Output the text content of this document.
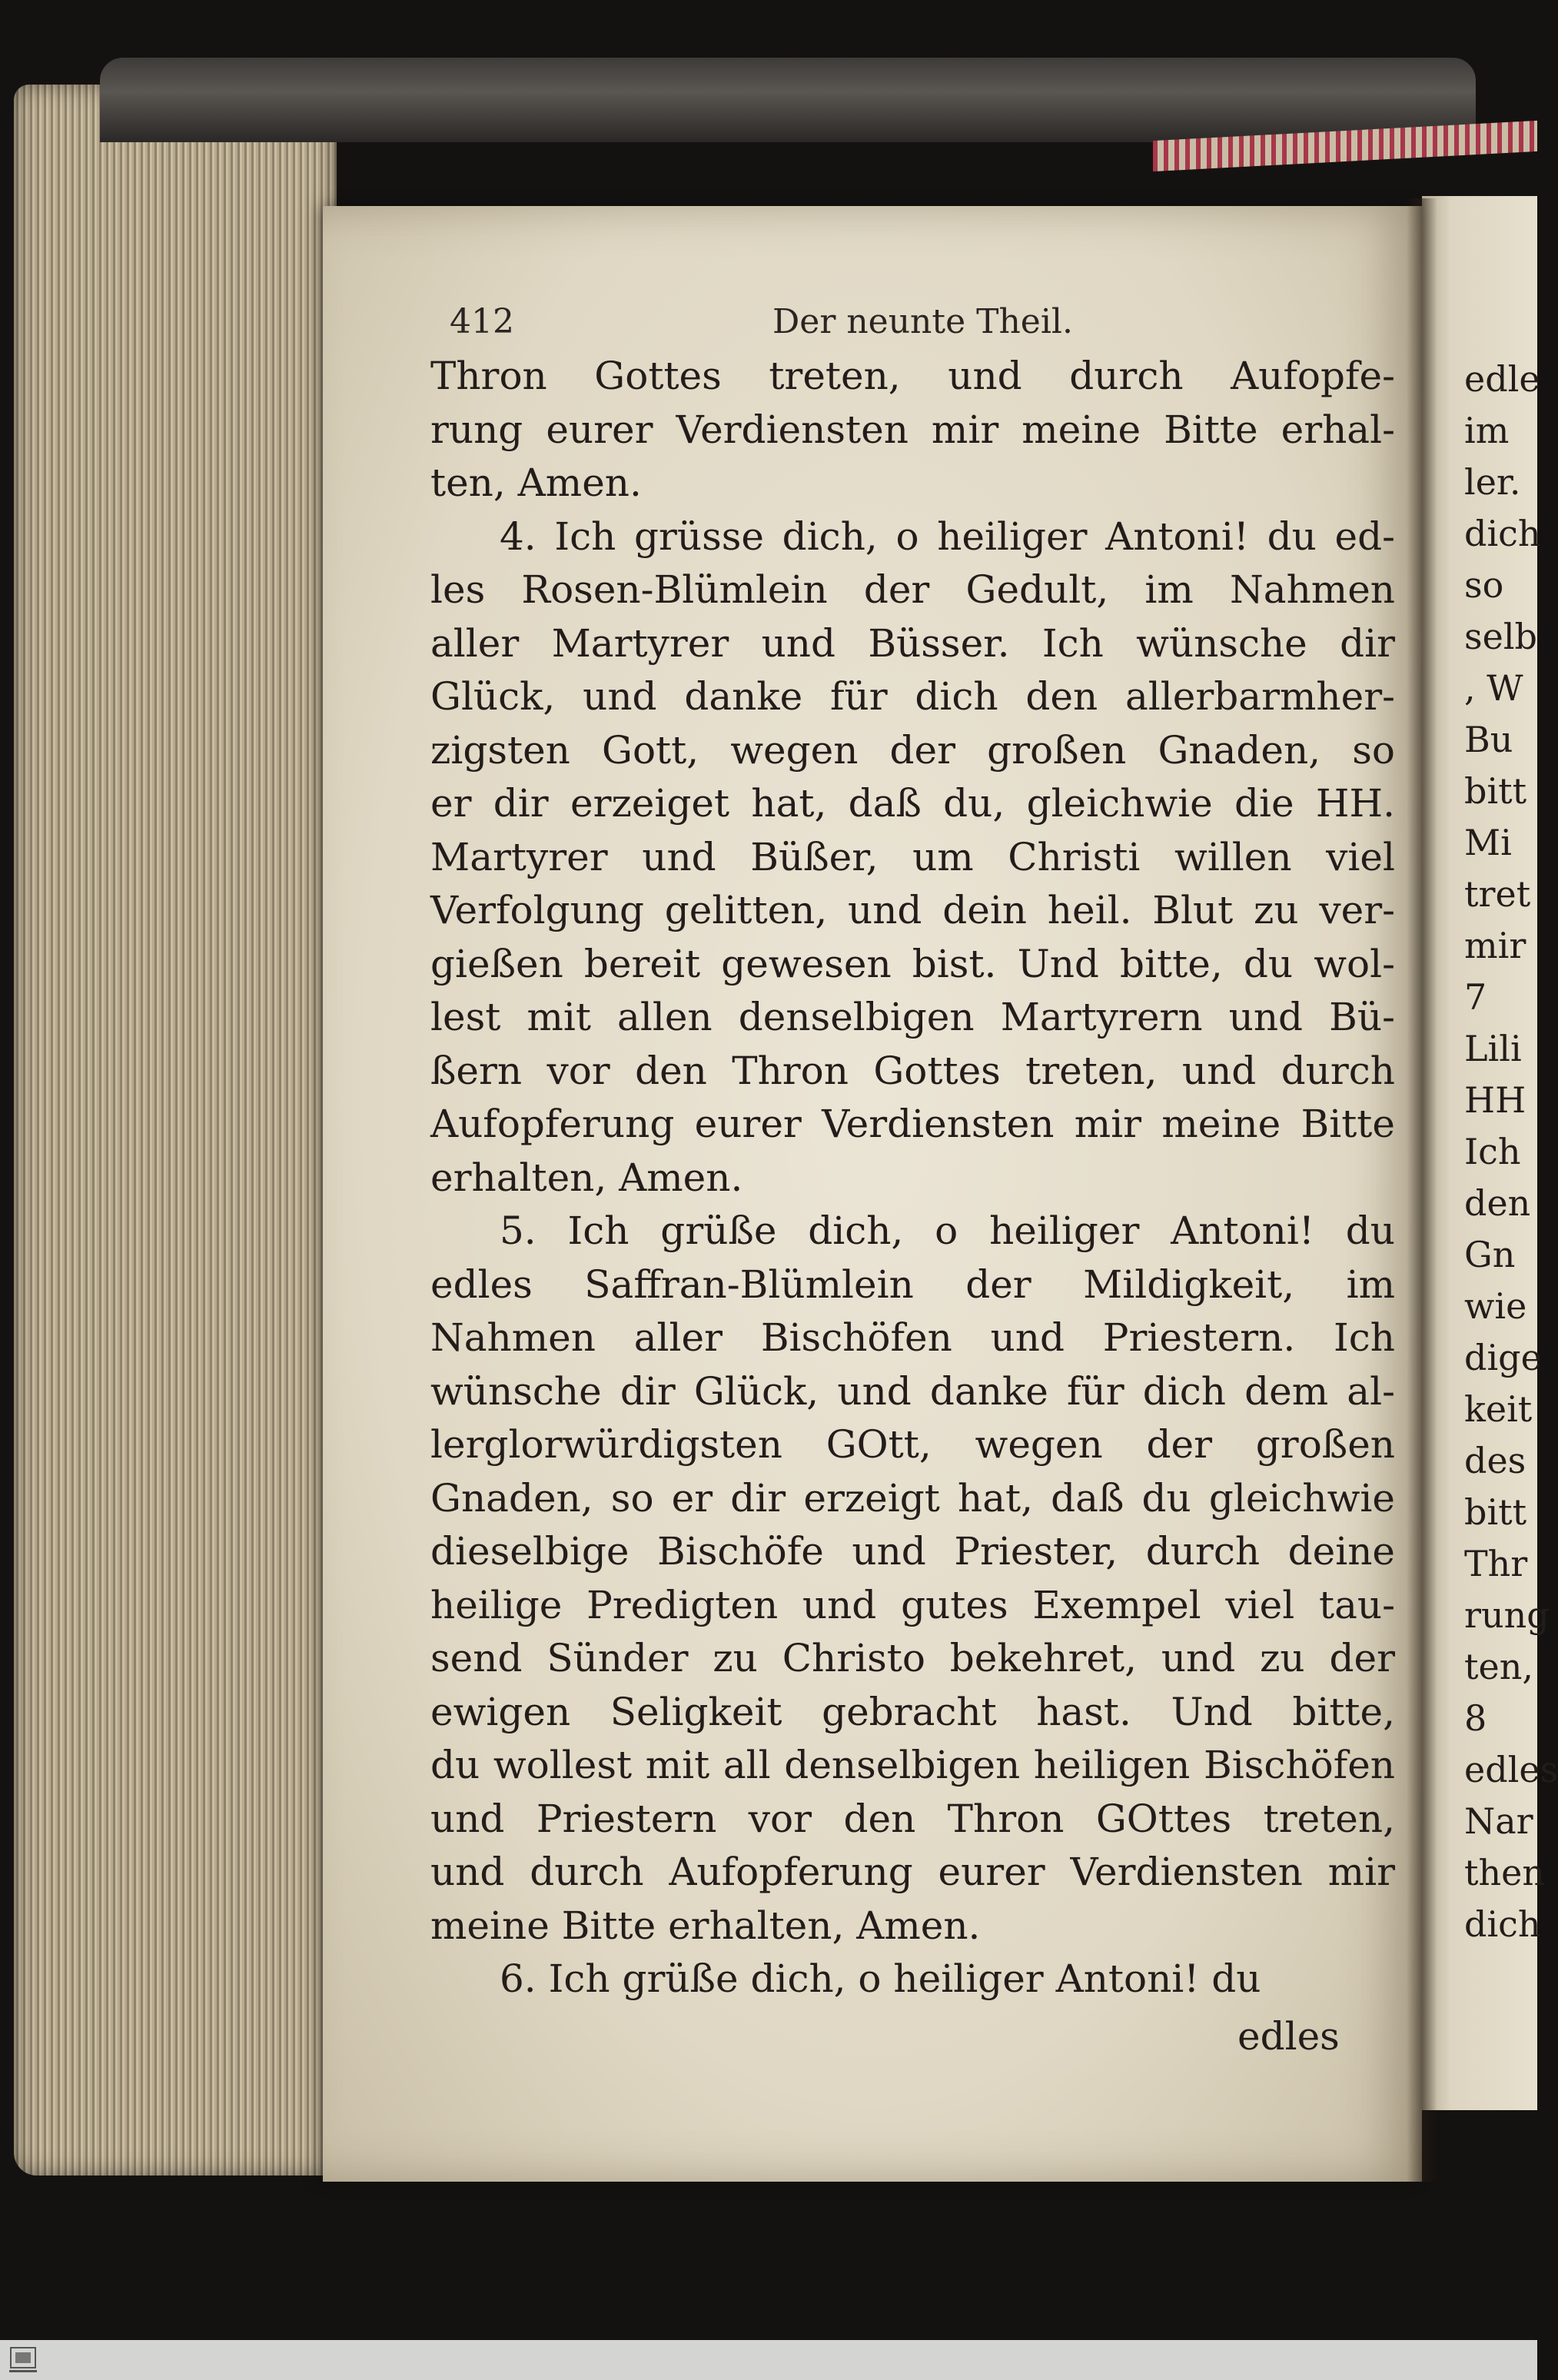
412	Der neunte Theil.
Thron Gottes treten, und durch Aufopfe-
rung eurer Verdiensten mir meine Bitte erhal-
ten, Amen.
4. Ich grüsse dich, o heiliger Antoni! du ed-
les Rosen-Blümlein der Gedult, im Nahmen
aller Martyrer und Büsser. Ich wünsche dir
Glück, und danke für dich den allerbarmher-
zigsten Gott, wegen der großen Gnaden, so
er dir erzeiget hat, daß du, gleichwie die HH.
Martyrer und Büßer, um Christi willen viel
Verfolgung gelitten, und dein heil. Blut zu ver-
gießen bereit gewesen bist. Und bitte, du wol-
lest mit allen denselbigen Martyrern und Bü-
ßern vor den Thron Gottes treten, und durch
Aufopferung eurer Verdiensten mir meine Bitte
erhalten, Amen.
5. Ich grüße dich, o heiliger Antoni! du
edles Saffran-Blümlein der Mildigkeit, im
Nahmen aller Bischöfen und Priestern. Ich
wünsche dir Glück, und danke für dich dem al-
lerglorwürdigsten GOtt, wegen der großen
Gnaden, so er dir erzeigt hat, daß du gleichwie
dieselbige Bischöfe und Priester, durch deine
heilige Predigten und gutes Exempel viel tau-
send Sünder zu Christo bekehret, und zu der
ewigen Seligkeit gebracht hast. Und bitte,
du wollest mit all denselbigen heiligen Bischöfen
und Priestern vor den Thron GOttes treten,
und durch Aufopferung eurer Verdiensten mir
meine Bitte erhalten, Amen.
6. Ich grüße dich, o heiliger Antoni! du
edles
edle
im
ler.
dich
so
selb
, W
Bu
bitt
Mi
tret
mir
7
Lili
HH
Ich
den
Gn
wie
dige
keit
des
bitt
Thr
rung
ten,
8
edles
Nar
then
dich
